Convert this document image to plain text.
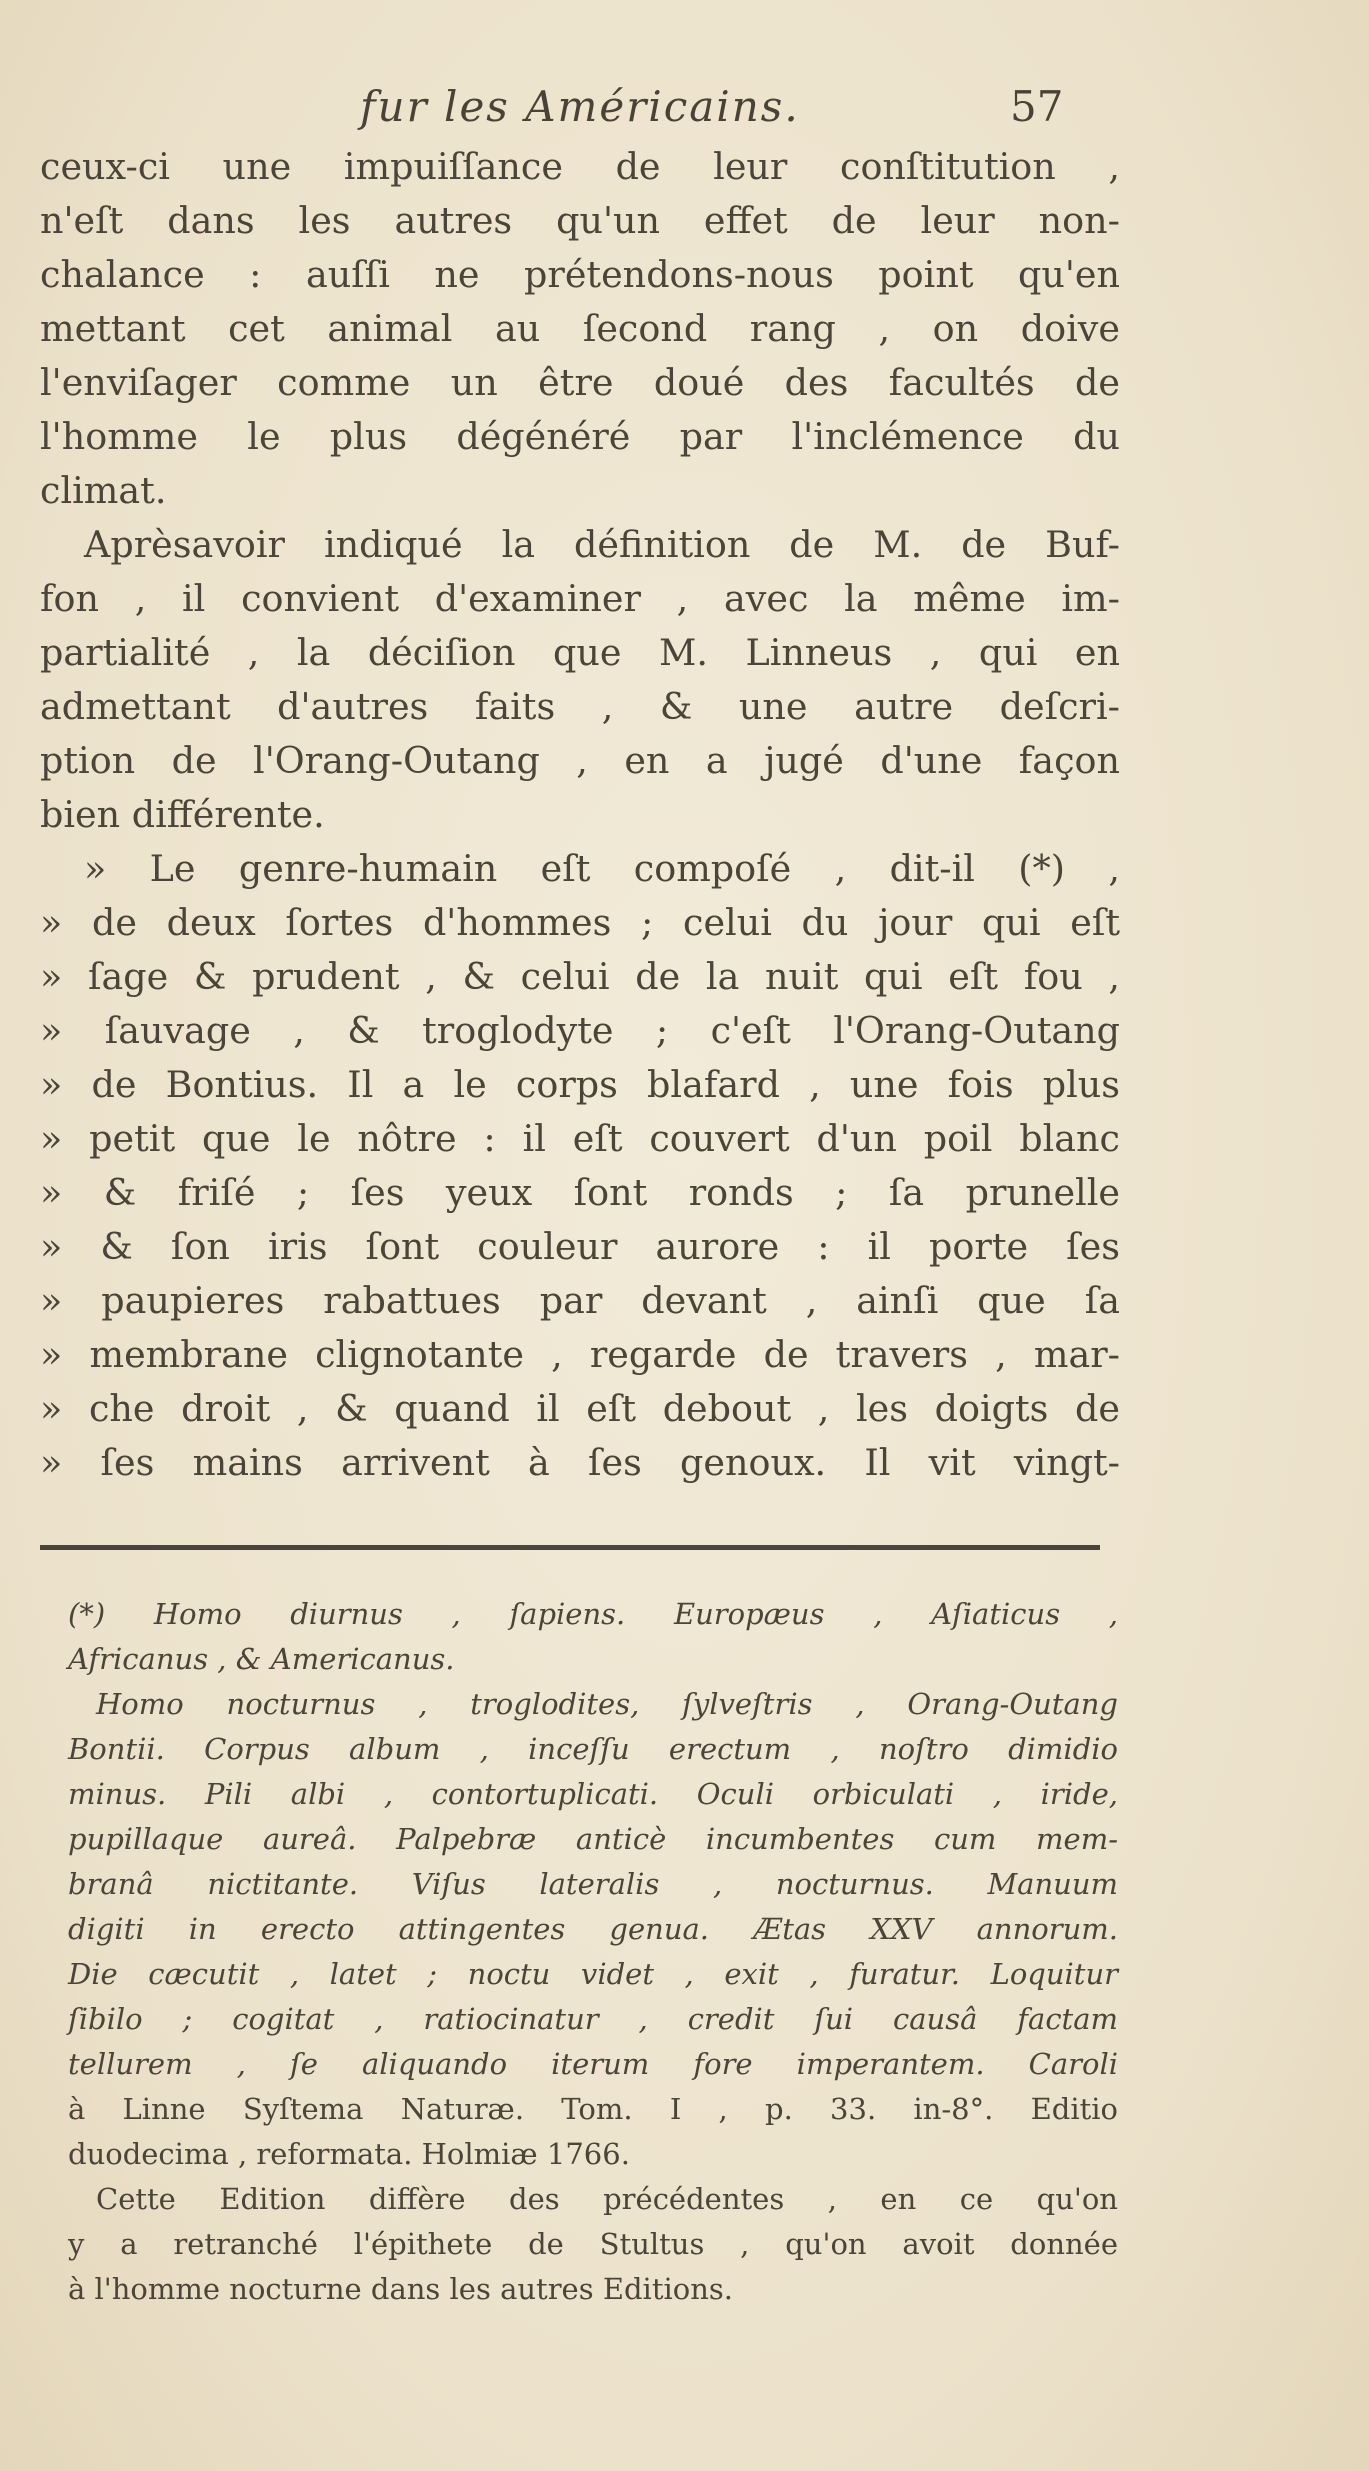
fur les Américains.	57
ceux-ci une impuiſſance de leur conſtitution ,
n'eſt dans les autres qu'un effet de leur non-
chalance : auſſi ne prétendons-nous point qu'en
mettant cet animal au ſecond rang , on doive
l'enviſager comme un être doué des facultés de
l'homme le plus dégénéré par l'inclémence du
climat.
Aprèsavoir indiqué la définition de M. de Buf-
fon , il convient d'examiner , avec la même im-
partialité , la déciſion que M. Linneus , qui en
admettant d'autres faits , & une autre deſcri-
ption de l'Orang-Outang , en a jugé d'une façon
bien différente.
» Le genre-humain eſt compoſé , dit-il (*) ,
» de deux ſortes d'hommes ; celui du jour qui eſt
» ſage & prudent , & celui de la nuit qui eſt fou ,
» ſauvage , & troglodyte ; c'eſt l'Orang-Outang
» de Bontius. Il a le corps blafard , une fois plus
» petit que le nôtre : il eſt couvert d'un poil blanc
» & friſé ; ſes yeux ſont ronds ; ſa prunelle
» & ſon iris ſont couleur aurore : il porte ſes
» paupieres rabattues par devant , ainſi que ſa
» membrane clignotante , regarde de travers , mar-
» che droit , & quand il eſt debout , les doigts de
» ſes mains arrivent à ſes genoux. Il vit vingt-
(*) Homo diurnus , ſapiens. Europæus , Aſiaticus ,
Africanus , & Americanus.
Homo nocturnus , troglodites, ſylveſtris , Orang-Outang
Bontii. Corpus album , inceſſu erectum , noſtro dimidio
minus. Pili albi , contortuplicati. Oculi orbiculati , iride,
pupillaque aureâ. Palpebræ anticè incumbentes cum mem-
branâ nictitante. Viſus lateralis , nocturnus. Manuum
digiti in erecto attingentes genua. Ætas XXV annorum.
Die cæcutit , latet ; noctu videt , exit , furatur. Loquitur
ſibilo ; cogitat , ratiocinatur , credit ſui causâ factam
tellurem , ſe aliquando iterum fore imperantem. Caroli
à Linne Syſtema Naturæ. Tom. I , p. 33. in-8°. Editio
duodecima , reformata. Holmiæ 1766.
Cette Edition diffère des précédentes , en ce qu'on
y a retranché l'épithete de Stultus , qu'on avoit donnée
à l'homme nocturne dans les autres Editions.
